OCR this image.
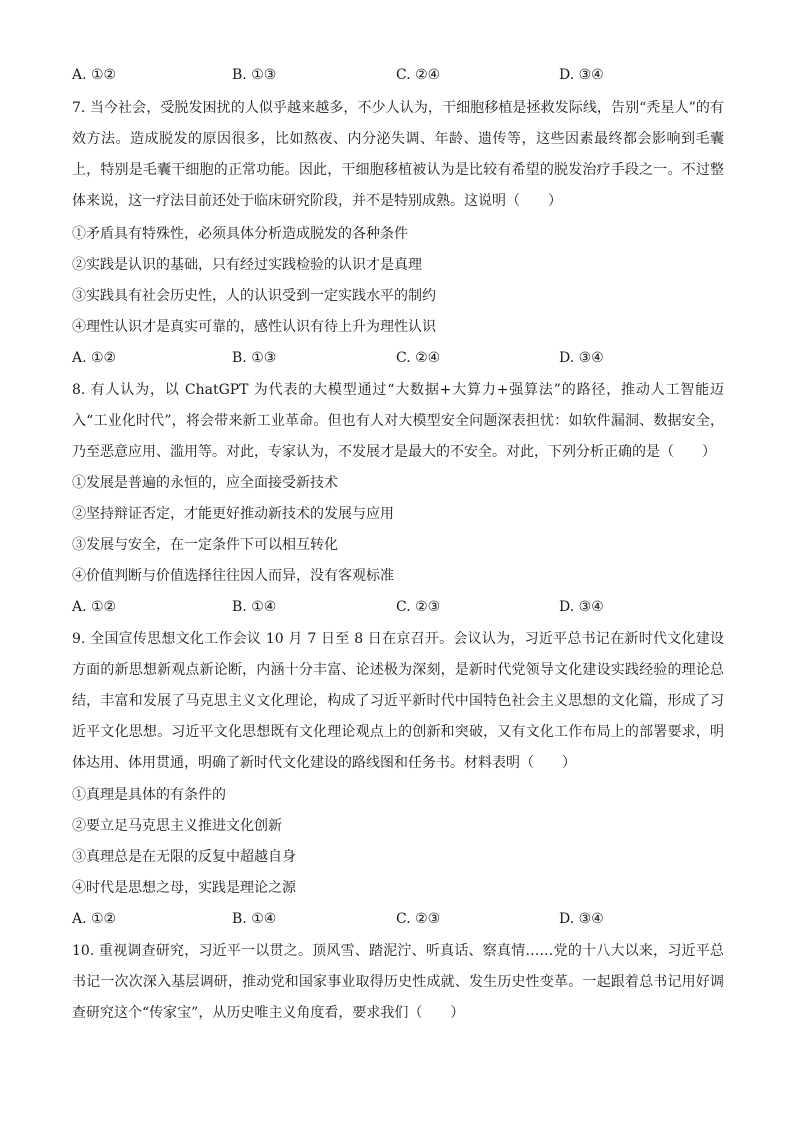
A. ①②	B. ①③	C. ②④	D. ③④
7. 当今社会，受脱发困扰的人似乎越来越多，不少人认为，干细胞移植是拯救发际线，告别“秃星人”的有效方法。造成脱发的原因很多，比如熬夜、内分泌失调、年龄、遗传等，这些因素最终都会影响到毛囊上，特别是毛囊干细胞的正常功能。因此，干细胞移植被认为是比较有希望的脱发治疗手段之一。不过整体来说，这一疗法目前还处于临床研究阶段，并不是特别成熟。这说明（　　）
①矛盾具有特殊性，必须具体分析造成脱发的各种条件
②实践是认识的基础，只有经过实践检验的认识才是真理
③实践具有社会历史性，人的认识受到一定实践水平的制约
④理性认识才是真实可靠的，感性认识有待上升为理性认识
A. ①②	B. ①③	C. ②④	D. ③④
8. 有人认为，以 ChatGPT 为代表的大模型通过“大数据+大算力+强算法”的路径，推动人工智能迈入“工业化时代”，将会带来新工业革命。但也有人对大模型安全问题深表担忧：如软件漏洞、数据安全，乃至恶意应用、滥用等。对此，专家认为，不发展才是最大的不安全。对此，下列分析正确的是（　　）
①发展是普遍的永恒的，应全面接受新技术
②坚持辩证否定，才能更好推动新技术的发展与应用
③发展与安全，在一定条件下可以相互转化
④价值判断与价值选择往往因人而异，没有客观标准
A. ①②	B. ①④	C. ②③	D. ③④
9. 全国宣传思想文化工作会议 10 月 7 日至 8 日在京召开。会议认为，习近平总书记在新时代文化建设方面的新思想新观点新论断，内涵十分丰富、论述极为深刻，是新时代党领导文化建设实践经验的理论总结，丰富和发展了马克思主义文化理论，构成了习近平新时代中国特色社会主义思想的文化篇，形成了习近平文化思想。习近平文化思想既有文化理论观点上的创新和突破，又有文化工作布局上的部署要求，明体达用、体用贯通，明确了新时代文化建设的路线图和任务书。材料表明（　　）
①真理是具体的有条件的
②要立足马克思主义推进文化创新
③真理总是在无限的反复中超越自身
④时代是思想之母，实践是理论之源
A. ①②	B. ①④	C. ②③	D. ③④
10. 重视调查研究，习近平一以贯之。顶风雪、踏泥泞、听真话、察真情……党的十八大以来，习近平总书记一次次深入基层调研，推动党和国家事业取得历史性成就、发生历史性变革。一起跟着总书记用好调查研究这个“传家宝”，从历史唯主义角度看，要求我们（　　）
